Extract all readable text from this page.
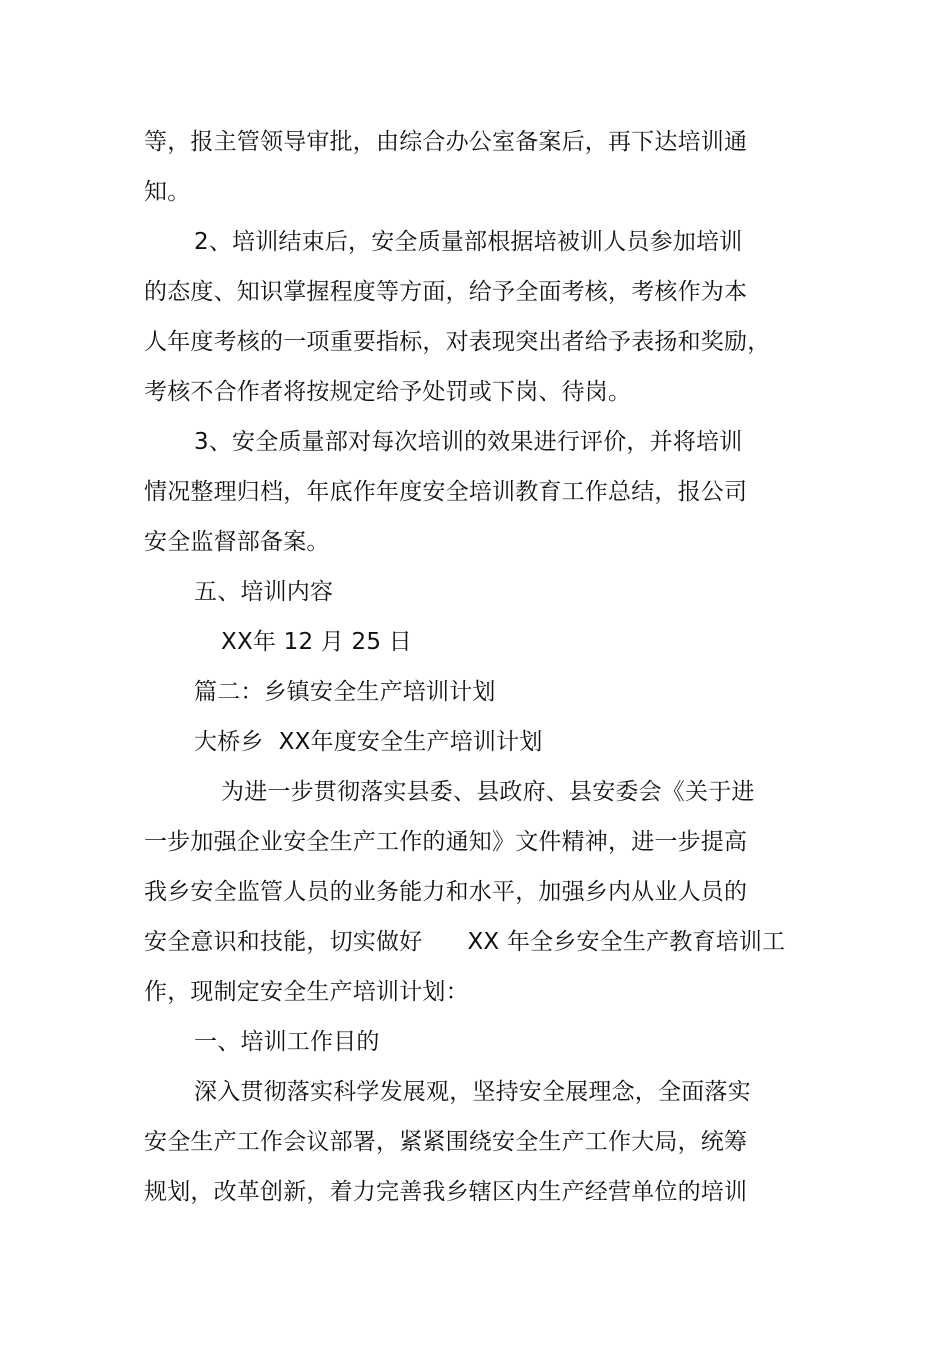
等，报主管领导审批，由综合办公室备案后，再下达培训通
知。
2、培训结束后，安全质量部根据培被训人员参加培训
的态度、知识掌握程度等方面，给予全面考核，考核作为本
人年度考核的一项重要指标，对表现突出者给予表扬和奖励，
考核不合作者将按规定给予处罚或下岗、待岗。
3、安全质量部对每次培训的效果进行评价，并将培训
情况整理归档，年底作年度安全培训教育工作总结，报公司
安全监督部备案。
五、培训内容
XX年 12 月 25 日
篇二：乡镇安全生产培训计划
大桥乡  XX年度安全生产培训计划
为进一步贯彻落实县委、县政府、县安委会《关于进
一步加强企业安全生产工作的通知》文件精神，进一步提高
我乡安全监管人员的业务能力和水平，加强乡内从业人员的
安全意识和技能，切实做好      XX 年全乡安全生产教育培训工
作，现制定安全生产培训计划：
一、培训工作目的
深入贯彻落实科学发展观，坚持安全展理念，全面落实
安全生产工作会议部署，紧紧围绕安全生产工作大局，统筹
规划，改革创新，着力完善我乡辖区内生产经营单位的培训
